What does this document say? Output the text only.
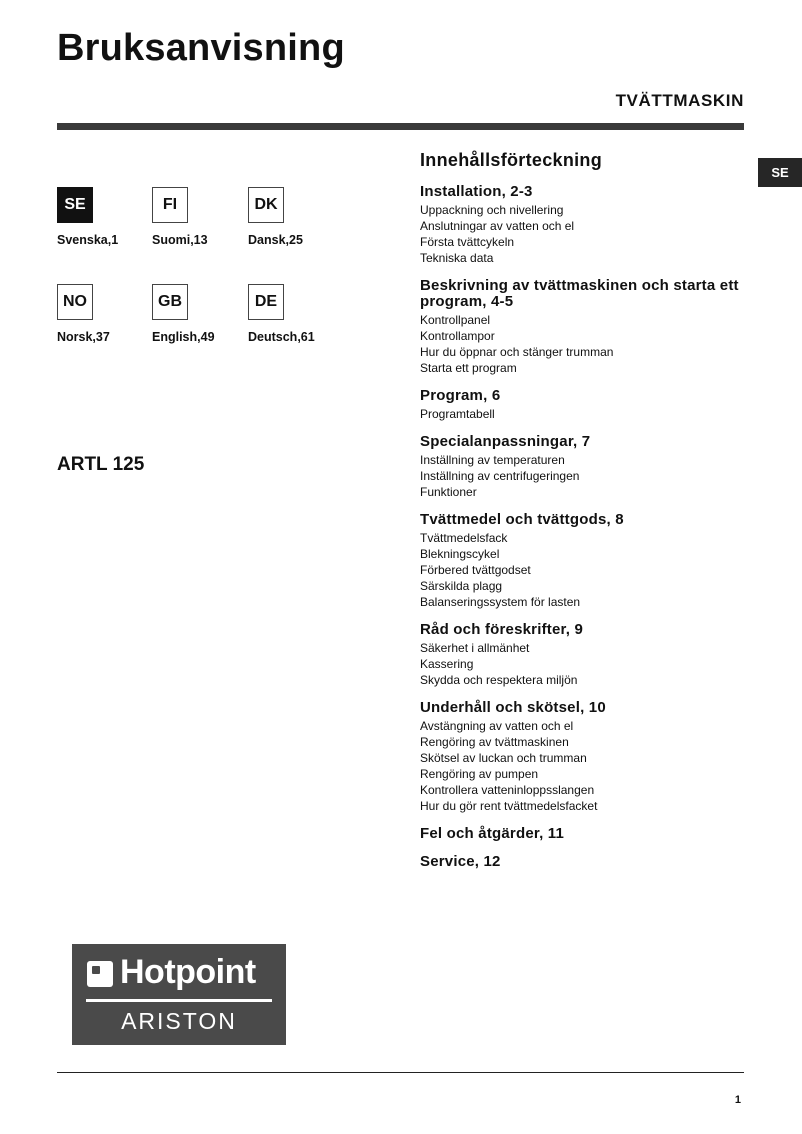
Bruksanvisning
TVÄTTMASKIN
SE
SE
Svenska,1
FI
Suomi,13
DK
Dansk,25
NO
Norsk,37
GB
English,49
DE
Deutsch,61
ARTL 125
Hotpoint
ARISTON
Innehållsförteckning
Installation, 2-3
Uppackning och nivellering
Anslutningar av vatten och el
Första tvättcykeln
Tekniska data
Beskrivning av tvättmaskinen och starta ett program, 4-5
Kontrollpanel
Kontrollampor
Hur du öppnar och stänger trumman
Starta ett program
Program, 6
Programtabell
Specialanpassningar, 7
Inställning av temperaturen
Inställning av centrifugeringen
Funktioner
Tvättmedel och tvättgods, 8
Tvättmedelsfack
Blekningscykel
Förbered tvättgodset
Särskilda plagg
Balanseringssystem för lasten
Råd och föreskrifter, 9
Säkerhet i allmänhet
Kassering
Skydda och respektera miljön
Underhåll och skötsel, 10
Avstängning av vatten och el
Rengöring av tvättmaskinen
Skötsel av luckan och trumman
Rengöring av pumpen
Kontrollera vatteninloppsslangen
Hur du gör rent tvättmedelsfacket
Fel och åtgärder, 11
Service, 12
1
